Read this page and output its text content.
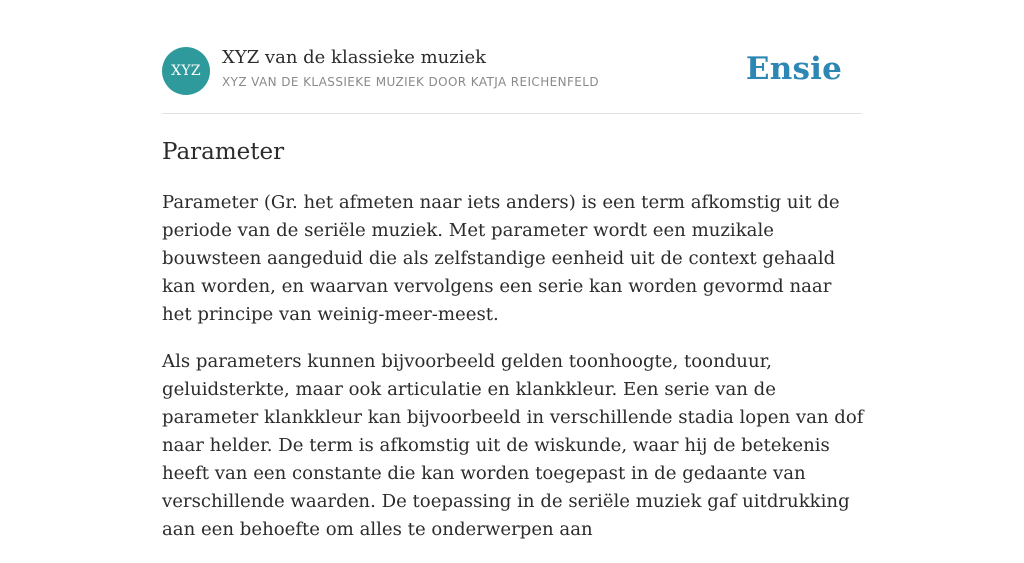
XYZ
XYZ van de klassieke muziek
XYZ VAN DE KLASSIEKE MUZIEK DOOR KATJA REICHENFELD	Ensie
Parameter

Parameter (Gr. het afmeten naar iets anders) is een term afkomstig uit de periode van de seriële muziek. Met parameter wordt een muzikale bouwsteen aangeduid die als zelfstandige eenheid uit de context gehaald kan worden, en waarvan vervolgens een serie kan worden gevormd naar het principe van weinig-meer-meest.

Als parameters kunnen bijvoorbeeld gelden toonhoogte, toonduur, geluidsterkte, maar ook articulatie en klankkleur. Een serie van de parameter klankkleur kan bijvoorbeeld in verschillende stadia lopen van dof naar helder. De term is afkomstig uit de wiskunde, waar hij de betekenis heeft van een constante die kan worden toegepast in de gedaante van verschillende waarden. De toepassing in de seriële muziek gaf uitdrukking aan een behoefte om alles te onderwerpen aan
